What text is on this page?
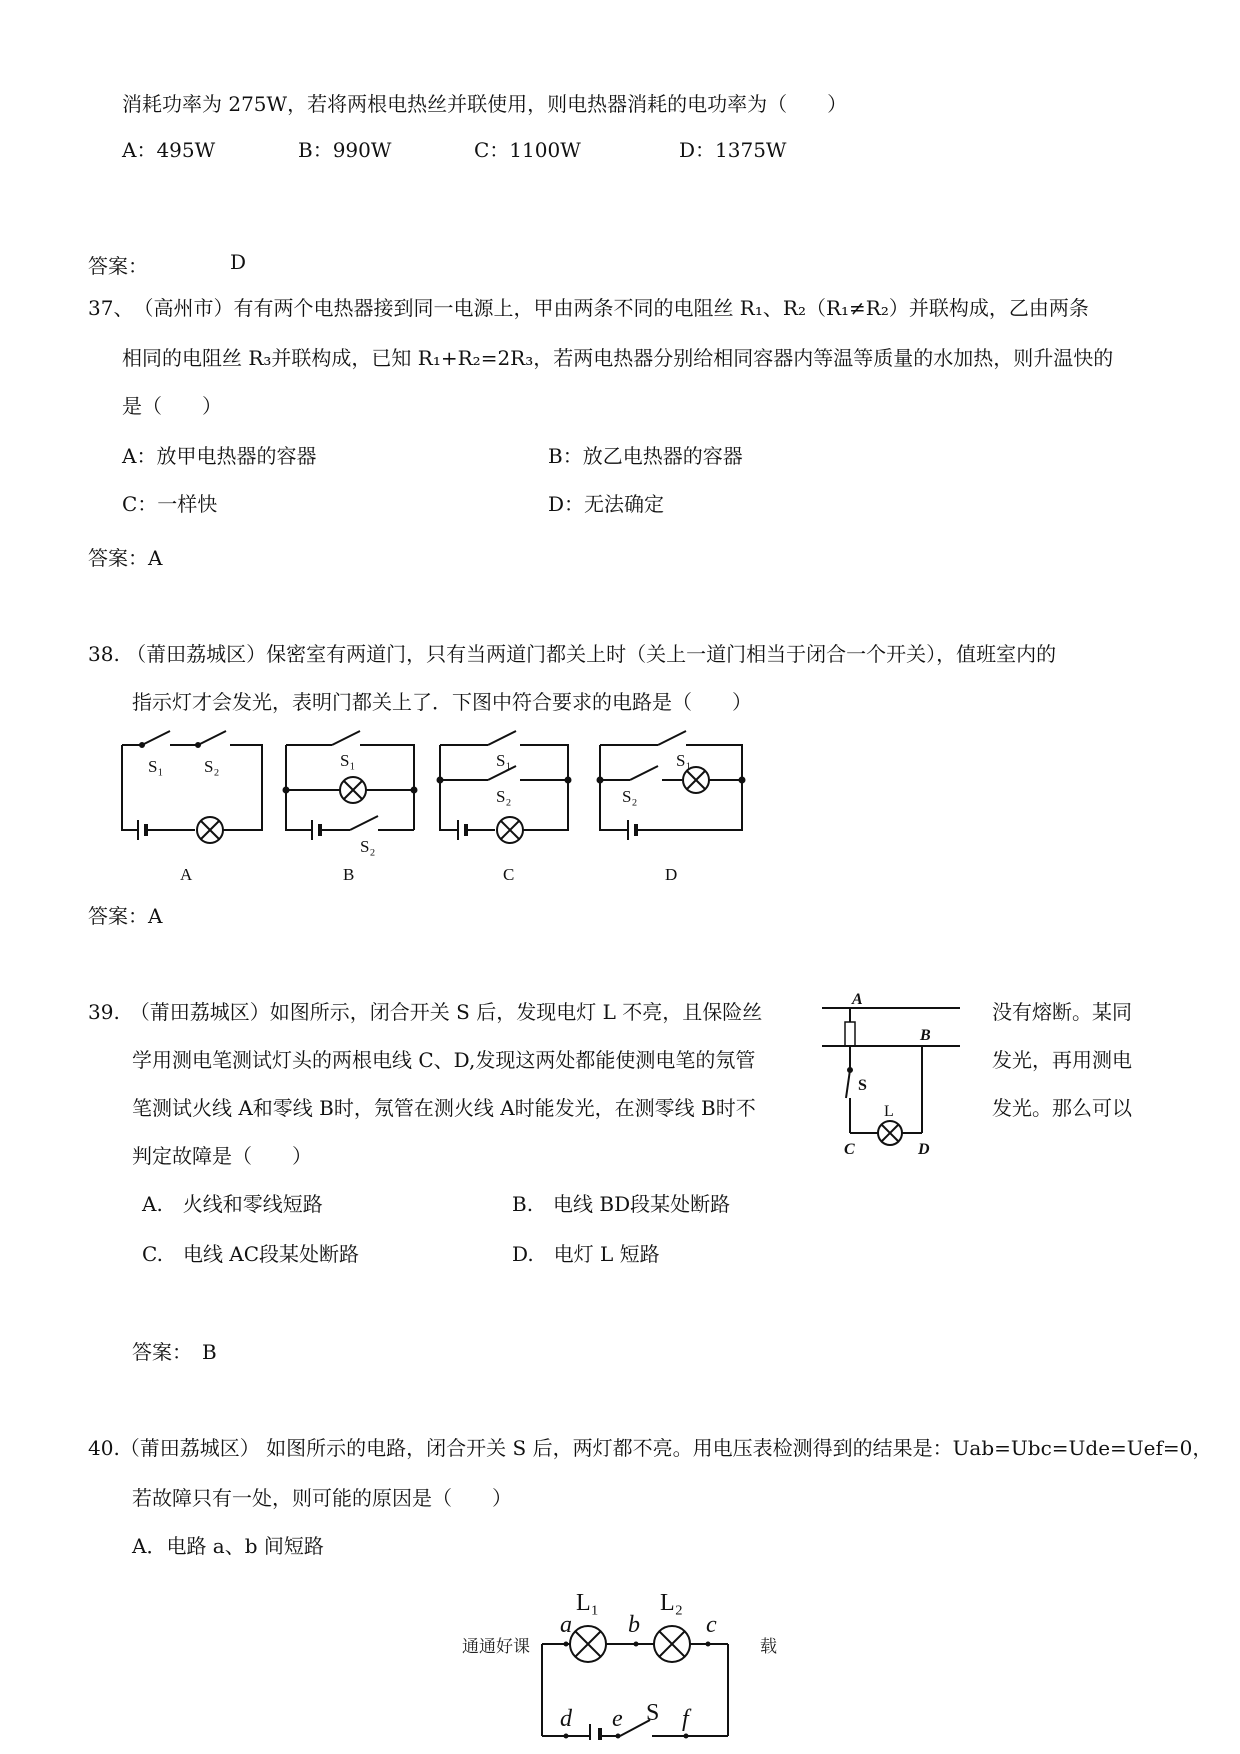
消耗功率为 275W，若将两根电热丝并联使用，则电热器消耗的电功率为（　　）
A：495W	B：990W	C：1100W	D：1375W
答案：	D
37、　（高州市）有有两个电热器接到同一电源上，甲由两条不同的电阻丝 R₁、R₂（R₁≠R₂）并联构成，乙由两条
相同的电阻丝 R₃并联构成，已知 R₁+R₂=2R₃，若两电热器分别给相同容器内等温等质量的水加热，则升温快的
是（　　）
A：放甲电热器的容器	B：放乙电热器的容器
C：一样快	D：无法确定
答案：A
38. （莆田荔城区）保密室有两道门，只有当两道门都关上时（关上一道门相当于闭合一个开关），值班室内的
指示灯才会发光，表明门都关上了．下图中符合要求的电路是（　　）
S₁ S₂	S₁
S₂
S₁
S₂
S₁
S₂
A	B	C	D
答案：A
39.　（莆田荔城区）如图所示，闭合开关 S 后，发现电灯 L 不亮，且保险丝	没有熔断。某同
学用测电笔测试灯头的两根电线 C、D,发现这两处都能使测电笔的氖管	发光，再用测电
笔测试火线 A和零线 B时，氖管在测火线 A时能发光，在测零线 B时不	发光。那么可以
判定故障是（　　）
A
B
S
L
C	D
A.　火线和零线短路	B.　电线 BD段某处断路
C.　电线 AC段某处断路	D.　电灯 L 短路
答案：　B
40.（莆田荔城区） 如图所示的电路，闭合开关 S 后，两灯都不亮。用电压表检测得到的结果是：Uab=Ubc=Ude=Uef=0，
若故障只有一处，则可能的原因是（　　）
A．电路 a、b 间短路
a
L₁
b
L₂
c
d e S f
通通好课	载
